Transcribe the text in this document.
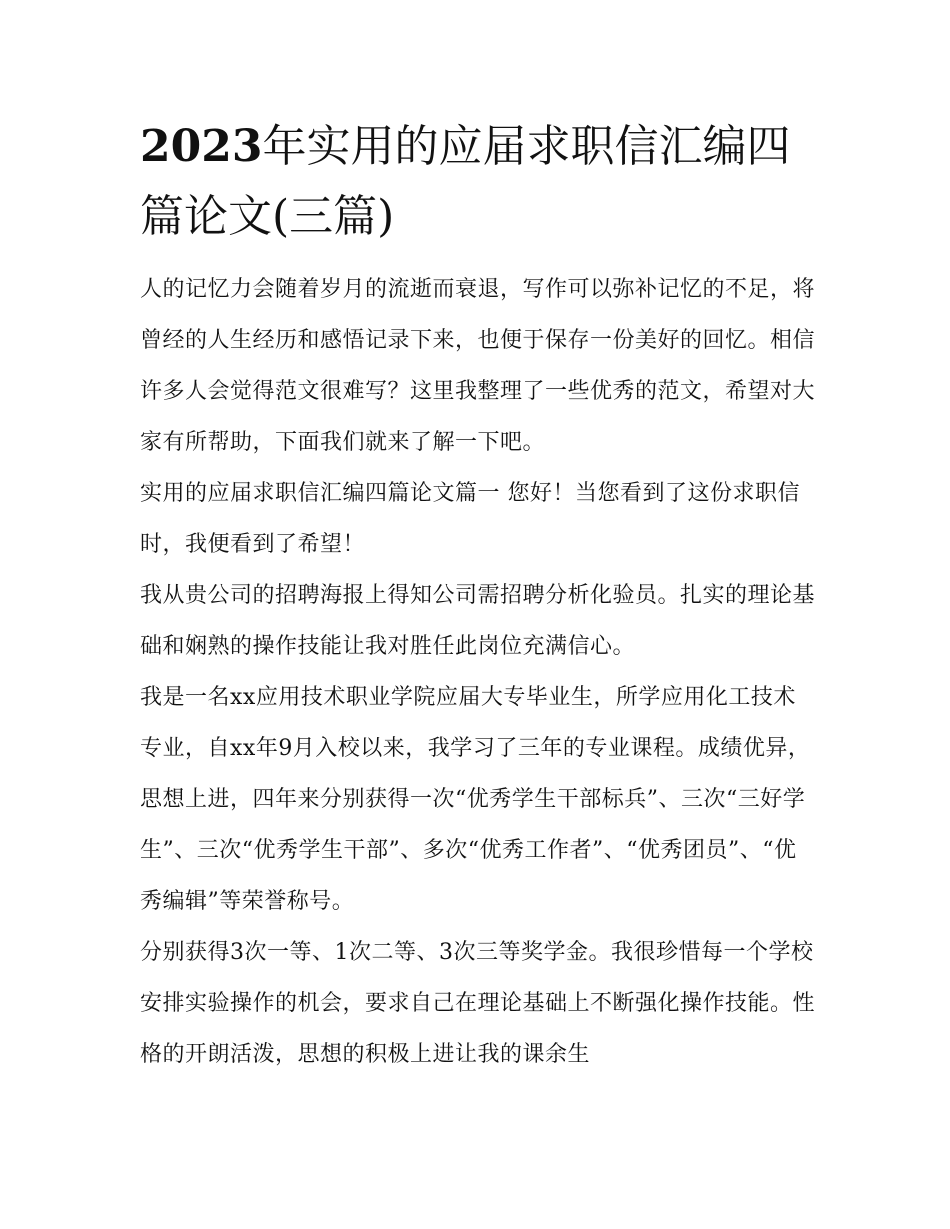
2023年实用的应届求职信汇编四篇论文(三篇)

人的记忆力会随着岁月的流逝而衰退，写作可以弥补记忆的不足，将曾经的人生经历和感悟记录下来，也便于保存一份美好的回忆。相信许多人会觉得范文很难写？这里我整理了一些优秀的范文，希望对大家有所帮助，下面我们就来了解一下吧。

实用的应届求职信汇编四篇论文篇一 您好！当您看到了这份求职信时，我便看到了希望！

我从贵公司的招聘海报上得知公司需招聘分析化验员。扎实的理论基础和娴熟的操作技能让我对胜任此岗位充满信心。

我是一名xx应用技术职业学院应届大专毕业生，所学应用化工技术专业，自xx年9月入校以来，我学习了三年的专业课程。成绩优异，思想上进，四年来分别获得一次“优秀学生干部标兵”、三次“三好学生”、三次“优秀学生干部”、多次“优秀工作者”、“优秀团员”、“优秀编辑”等荣誉称号。

分别获得3次一等、1次二等、3次三等奖学金。我很珍惜每一个学校安排实验操作的机会，要求自己在理论基础上不断强化操作技能。性格的开朗活泼，思想的积极上进让我的课余生
